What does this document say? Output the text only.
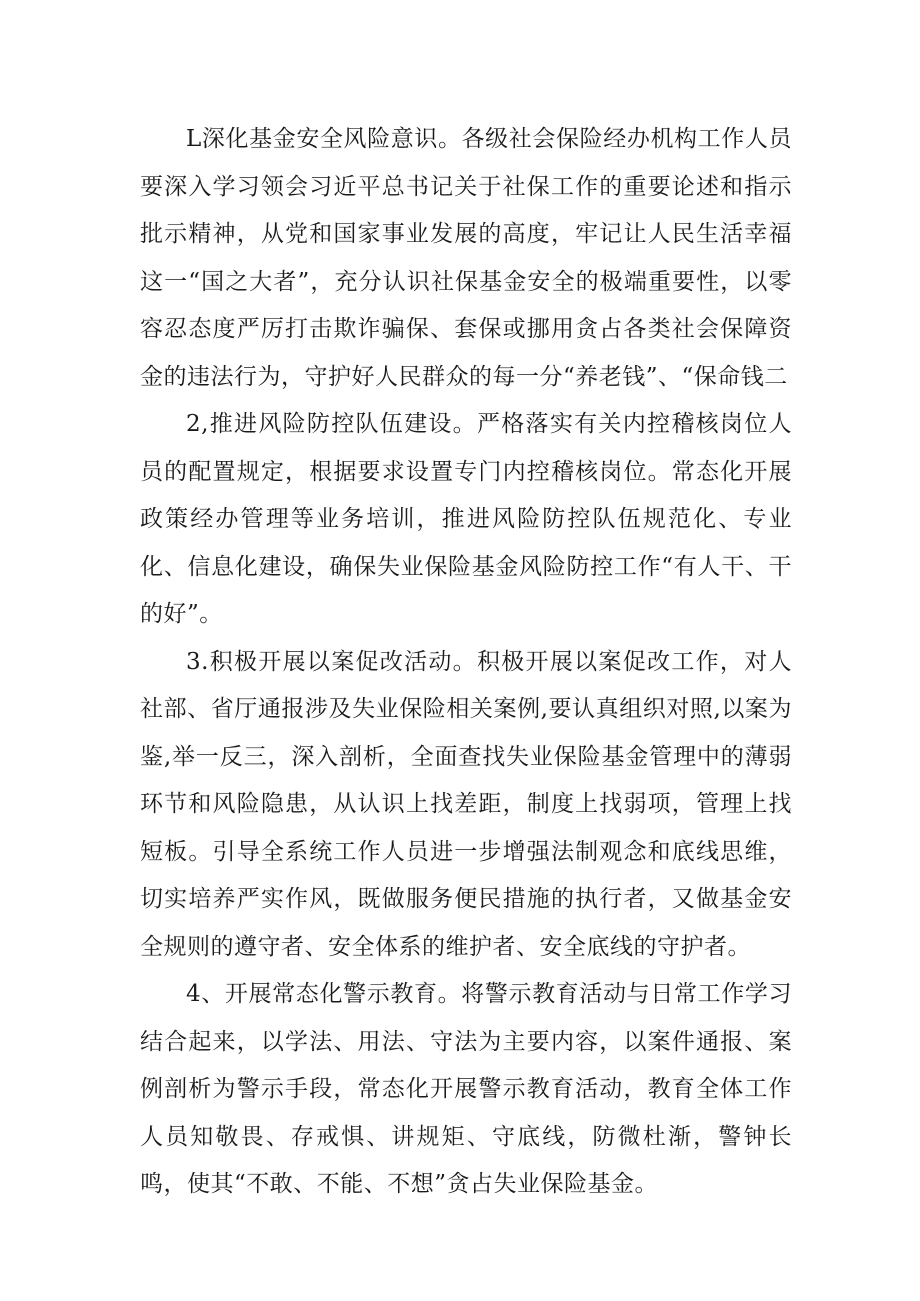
L深化基金安全风险意识。各级社会保险经办机构工作人员要深入学习领会习近平总书记关于社保工作的重要论述和指示批示精神，从党和国家事业发展的高度，牢记让人民生活幸福这一“国之大者”，充分认识社保基金安全的极端重要性，以零容忍态度严厉打击欺诈骗保、套保或挪用贪占各类社会保障资金的违法行为，守护好人民群众的每一分“养老钱”、“保命钱二

2,推进风险防控队伍建设。严格落实有关内控稽核岗位人员的配置规定，根据要求设置专门内控稽核岗位。常态化开展政策经办管理等业务培训，推进风险防控队伍规范化、专业化、信息化建设，确保失业保险基金风险防控工作“有人干、干的好”。

3.积极开展以案促改活动。积极开展以案促改工作，对人社部、省厅通报涉及失业保险相关案例,要认真组织对照,以案为鉴,举一反三，深入剖析，全面查找失业保险基金管理中的薄弱环节和风险隐患，从认识上找差距，制度上找弱项，管理上找短板。引导全系统工作人员进一步增强法制观念和底线思维，切实培养严实作风，既做服务便民措施的执行者，又做基金安全规则的遵守者、安全体系的维护者、安全底线的守护者。

4、开展常态化警示教育。将警示教育活动与日常工作学习结合起来，以学法、用法、守法为主要内容，以案件通报、案例剖析为警示手段，常态化开展警示教育活动，教育全体工作人员知敬畏、存戒惧、讲规矩、守底线，防微杜渐，警钟长鸣，使其“不敢、不能、不想”贪占失业保险基金。
